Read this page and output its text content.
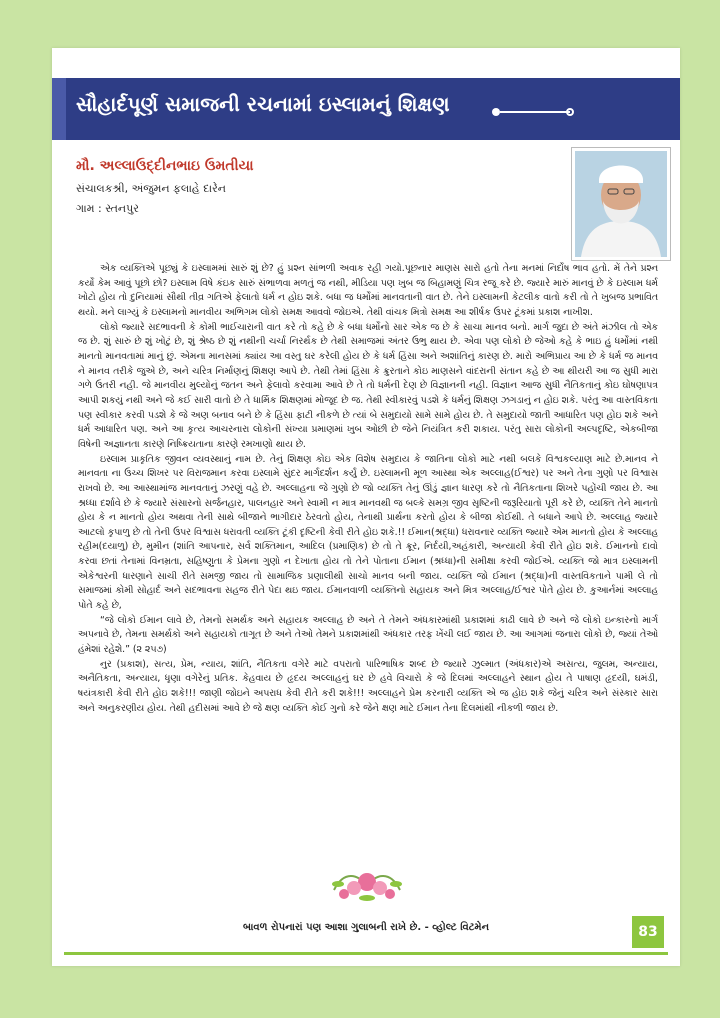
સૌહાર્દપૂર્ણ સમાજની રચનામાં ઇસ્લામનું શિક્ષણ
મૌ. અલ્લાઉદ્દીનભાઇ ઉમતીયા
સંચાલકશ્રી, અંજુમન ફલાહે દારેન
ગામ : સ્તનપુર

એક વ્યક્તિએ પૂછ્યું કે ઇસ્લામમાં સારું શું છે? હું પ્રશ્ન સાંભળી અવાક રહી ગયો.પૂછનાર માણસ સારો હતો તેના મનમાં નિર્દોષ ભાવ હતો. મેં તેને પ્રશ્ન કર્યો કેમ આવું પૂછો છો? ઇસ્લામ વિષે કંઇક સારું સંભાળવા મળતું જ નથી, મીડિયા પણ ખુબ જ બિહામણું ચિત્ર રજૂ કરે છે. જ્યારે મારું માનવું છે કે ઇસ્લામ ધર્મ ખોટો હોય તો દુનિયામાં સૌથી તીવ્ર ગતિએ ફેલાતો ધર્મ ન હોઇ શકે. બધા જ ધર્મોમાં માનવતાની વાત છે. તેને ઇસ્લામની કેટલીક વાતો કરી તો તે ખુબજ પ્રભાવિત થયો. મને લાગ્યું કે ઇસ્લામનો માનવીય અભિગમ લોકો સમક્ષ આવવો જોઇએ. તેથી વાંચક મિત્રો સમક્ષ આ શીર્ષક ઉપર ટૂંકમાં પ્રકાશ નાખીશ.

લોકો જ્યારે સદભાવની કે કોમી ભાઈચારાની વાત કરે તો કહે છે કે બધા ધર્મોનો સાર એક જ છે કે સાચા માનવ બનો. માર્ગ જુદા છે અંતે મંઝીલ તો એક જ છે. શું સારું છે શું ખોટું છે, શું શ્રેષ્ઠ છે શું નથીની ચર્ચા નિરર્થક છે તેથી સમાજમાં અંતર ઉભુ થાય છે. એવા પણ લોકો છે જેઓ કહે કે ભાઇ હું ધર્મોમાં નથી માનતો માનવતામાં માનું છું. એમના માનસમાં ક્યાંય આ વસ્તુ ઘર કરેલી હોય છે કે ધર્મ હિંસા અને અશાંતિનું કારણ છે. મારો અભિપ્રાય આ છે કે ધર્મ જ માનવ ને માનવ તરીકે જુએ છે, અને ચરિત્ર નિર્માણનું શિક્ષણ આપે છે. તેથી તેમાં હિંસા કે ક્રુરતાને કોઇ માણસને વાંદરાની સંતાન કહે છે આ થીયરી આ જ સુધી મારા ગળે ઉતરી નહી. જે માનવીય મુલ્યોનું જતન અને ફેલાવો કરવામા આવે છે તે તો ધર્મની દેણ છે વિજ્ઞાનની નહી. વિજ્ઞાન આજ સુધી નૈતિકતાનું કોઇ ઘોષણાપત્ર આપી શકયું નથી અને જે કઈ સારી વાતો છે તે ધાર્મિક શિક્ષણમાં મોજૂદ છે જ. તેથી સ્વીકારવું પડશે કે ધર્મનું શિક્ષણ ઝગડાનું ન હોઇ શકે. પરંતુ આ વાસ્તવિકતા પણ સ્વીકાર કરવી પડશે કે જે અણ બનાવ બને છે કે હિંસા ફાટી નીકળે છે ત્યાં બે સમુદાયો સામે સામે હોય છે. તે સમુદાયો જાતી આધારિત પણ હોઇ શકે અને ધર્મ આધારિત પણ. અને આ કૃત્ય આચરનારા લોકોની સંખ્યા પ્રમાણમાં ખુબ ઓછી છે જેને નિયંત્રિત કરી શકાય. પરંતુ સારા લોકોની અલ્પદૃષ્ટિ, એકબીજા વિષેની અજ્ઞાનતા કારણે નિષ્ક્રિયતાના કારણે રમખાણો થાય છે.

ઇસ્લામ પ્રાકૃતિક જીવન વ્યવસ્થાનું નામ છે. તેનું શિક્ષણ કોઇ એક વિશેષ સમુદાય કે જાતિના લોકો માટે નથી બલકે વિશ્વકલ્યાણ માટે છે.માનવ ને માનવતા ના ઉચ્ચ શિખર પર વિરાજમાન કરવા ઇસ્લામે સુંદર માર્ગદર્શન કર્યું છે. ઇસ્લામની મૂળ આસ્થા એક અલ્લાહ(ઈશ્વર) પર અને તેના ગુણો પર વિશ્વાસ રાખવો છે. આ આસ્થામાંજ માનવતાનું ઝરણું વહે છે. અલ્લાહના જે ગુણો છે જો વ્યક્તિ તેનું ઊંડું જ્ઞાન ધારણ કરે તો નૈતિકતાના શિખરે પહોંચી જાય છે. આ શ્રધ્ધા દર્શાવે છે કે જ્યારે સંસારનો સર્જનહાર, પાલનહાર અને સ્વામી ન માત્ર માનવથી જ બલ્કે સમગ્ર જીવ સૃષ્ટિની જરૂરિયાતો પૂરી કરે છે, વ્યક્તિ તેને માનતો હોય કે ન માનતો હોય અથવા તેની સાથે બીજાને ભાગીદાર ઠેરવતો હોય, તેનાથી પ્રાર્થના કરતો હોય કે બીજા કોઈથી. તે બધાને આપે છે. અલ્લાહ જ્યારે આટલો કૃપાળુ છે તો તેની ઉપર વિશ્વાસ ધરાવતી વ્યક્તિ ટૂંકી દૃષ્ટિની કેવી રીતે હોઇ શકે.!! ઈમાન(શ્રદ્ધા) ધરાવનાર વ્યક્તિ જ્યારે એમ માનતો હોય કે અલ્લાહ રહીમ(દયાળુ) છે, મુમીન (શાંતિ આપનાર, સર્વ શક્તિમાન, આદિલ (પ્રમાણિક) છે તો તે ક્રૂર, નિર્દયી,અહંકારી, અન્યાયી કેવી રીતે હોઇ શકે. ઈમાનનો દાવો કરવા છતાં તેનામાં વિનમ્રતા, સહિષ્ણુતા કે પ્રેમના ગુણો ન દેખાતા હોય તો તેને પોતાના ઈમાન (શ્રધ્ધા)ની સમીક્ષા કરવી જોઈએ. વ્યક્તિ જો માત્ર ઇસ્લામની એકેશ્વરની ધારણાને સાચી રીતે સમજી જાય તો સામાજિક પ્રણાલીથી સાચો માનવ બની જાય. વ્યક્તિ જો ઈમાન (શ્રદ્ધા)ની વાસ્તવિકતાને પામી લે તો સમાજમાં કોમી સોહાર્દ અને સદભાવના સહજ રીતે પેદા થઇ જાય. ઈમાનવાળી વ્યક્તિનો સહાયક અને મિત્ર અલ્લાહ/ઈશ્વર પોતે હોય છે. કુઆર્નમાં અલ્લાહ પોતે કહે છે,

“જે લોકો ઈમાન લાવે છે, તેમનો સમર્થક અને સહાયક અલ્લાહ છે અને તે તેમને અંધકારમાંથી પ્રકાશમાં કાઢી લાવે છે અને જે લોકો ઇન્કારનો માર્ગ અપનાવે છે, તેમના સમર્થકો અને સહાયકો તાગૂત છે અને તેઓ તેમને પ્રકાશમાંથી અંધકાર તરફ ખેંચી લઈ જાય છે. આ આગમાં જનારા લોકો છે, જ્યાં તેઓ હંમેશાં રહેશે.” (૨ ૨૫૭)

નુર (પ્રકાશ), સત્ય, પ્રેમ, ન્યાય, શાંતિ, નૈતિકતા વગેરે માટે વપરાતો પારિભાષિક શબ્દ છે જ્યારે ઝુલ્માત (અંધકાર)એ અસત્ય, જુલમ, અન્યાય, અનૈતિકતા, અન્યાય, ધૃણા વગેરેનું પ્રતિક. કેહવાય છે હૃદય અલ્લાહનું ઘર છે હવે વિચારો કે જે દિલમાં અલ્લાહને સ્થાન હોય તે પાષાણ હૃદયી, ઘમંડી, ષયંત્રકારી કેવી રીતે હોઇ શકે!!! જાણી જોઇને અપરાધ કેવી રીતે કરી શકે!!! અલ્લાહને પ્રેમ કરનારી વ્યક્તિ એ જ હોઇ શકે જેનું ચરિત્ર અને સંસ્કાર સારા અને અનુકરણીય હોય. તેથી હદીસમાં આવે છે જે ક્ષણ વ્યક્તિ કોઈ ગુનો કરે જેને ક્ષણ માટે ઈમાન તેના દિલમાંથી નીકળી જાય છે.

બાવળ રોપનારાં પણ આશા ગુલાબની રાખે છે. - વ્હોલ્ટ વિટમેન	83
